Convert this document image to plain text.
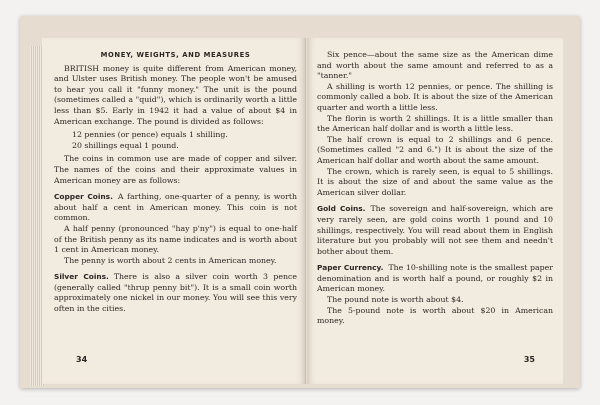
MONEY, WEIGHTS, AND MEASURES

BRITISH money is quite different from American money, and Ulster uses British money. The people won't be amused to hear you call it "funny money." The unit is the pound (sometimes called a "quid"), which is ordinarily worth a little less than $5. Early in 1942 it had a value of about $4 in American exchange. The pound is divided as follows:

12 pennies (or pence) equals 1 shilling.
20 shillings equal 1 pound.

The coins in common use are made of copper and silver. The names of the coins and their approximate values in American money are as follows:

Copper Coins. A farthing, one-quarter of a penny, is worth about half a cent in American money. This coin is not common.

A half penny (pronounced "hay p'ny") is equal to one-half of the British penny as its name indicates and is worth about 1 cent in American money.

The penny is worth about 2 cents in American money.

Silver Coins. There is also a silver coin worth 3 pence (generally called "thrup penny bit"). It is a small coin worth approximately one nickel in our money. You will see this very often in the cities.

34

Six pence—about the same size as the American dime and worth about the same amount and referred to as a "tanner."

A shilling is worth 12 pennies, or pence. The shilling is commonly called a bob. It is about the size of the American quarter and worth a little less.

The florin is worth 2 shillings. It is a little smaller than the American half dollar and is worth a little less.

The half crown is equal to 2 shillings and 6 pence. (Sometimes called "2 and 6.") It is about the size of the American half dollar and worth about the same amount.

The crown, which is rarely seen, is equal to 5 shillings. It is about the size of and about the same value as the American silver dollar.

Gold Coins. The sovereign and half-sovereign, which are very rarely seen, are gold coins worth 1 pound and 10 shillings, respectively. You will read about them in English literature but you probably will not see them and needn't bother about them.

Paper Currency. The 10-shilling note is the smallest paper denomination and is worth half a pound, or roughly $2 in American money.

The pound note is worth about $4.

The 5-pound note is worth about $20 in American money.

35
